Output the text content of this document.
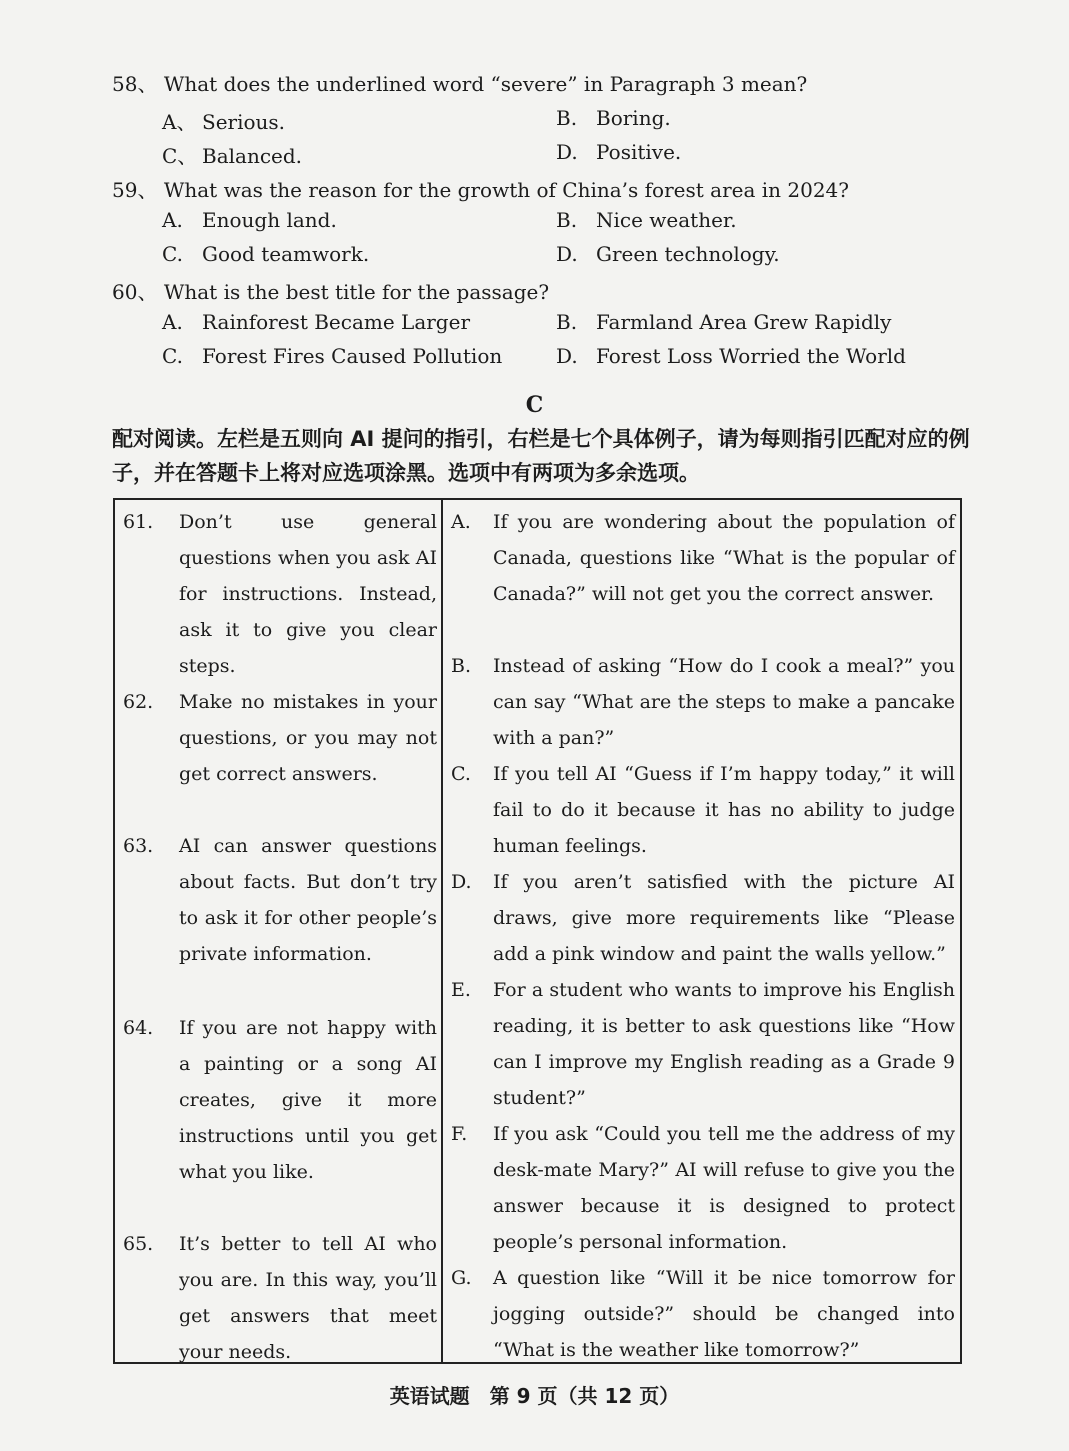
58、 What does the underlined word “severe” in Paragraph 3 mean?
A、 Serious.	B. Boring.
C、 Balanced.	D. Positive.
59、 What was the reason for the growth of China’s forest area in 2024?
A. Enough land.	B. Nice weather.
C. Good teamwork.	D. Green technology.
60、 What is the best title for the passage?
A. Rainforest Became Larger	B. Farmland Area Grew Rapidly
C. Forest Fires Caused Pollution	D. Forest Loss Worried the World
C
配对阅读。左栏是五则向 AI 提问的指引，右栏是七个具体例子，请为每则指引匹配对应的例子，并在答题卡上将对应选项涂黑。选项中有两项为多余选项。
61.	Don’t use general questions when you ask AI for instructions. Instead, ask it to give you clear steps.
62.	Make no mistakes in your questions, or you may not get correct answers.
63.	AI can answer questions about facts. But don’t try to ask it for other people’s private information.
64.	If you are not happy with a painting or a song AI creates, give it more instructions until you get what you like.
65.	It’s better to tell AI who you are. In this way, you’ll get answers that meet your needs.
A.	If you are wondering about the population of Canada, questions like “What is the popular of Canada?” will not get you the correct answer.
B.	Instead of asking “How do I cook a meal?” you can say “What are the steps to make a pancake with a pan?”
C.	If you tell AI “Guess if I’m happy today,” it will fail to do it because it has no ability to judge human feelings.
D.	If you aren’t satisfied with the picture AI draws, give more requirements like “Please add a pink window and paint the walls yellow.”
E.	For a student who wants to improve his English reading, it is better to ask questions like “How can I improve my English reading as a Grade 9 student?”
F.	If you ask “Could you tell me the address of my desk-mate Mary?” AI will refuse to give you the answer because it is designed to protect people’s personal information.
G.	A question like “Will it be nice tomorrow for jogging outside?” should be changed into “What is the weather like tomorrow?”
英语试题　第 9 页（共 12 页）
